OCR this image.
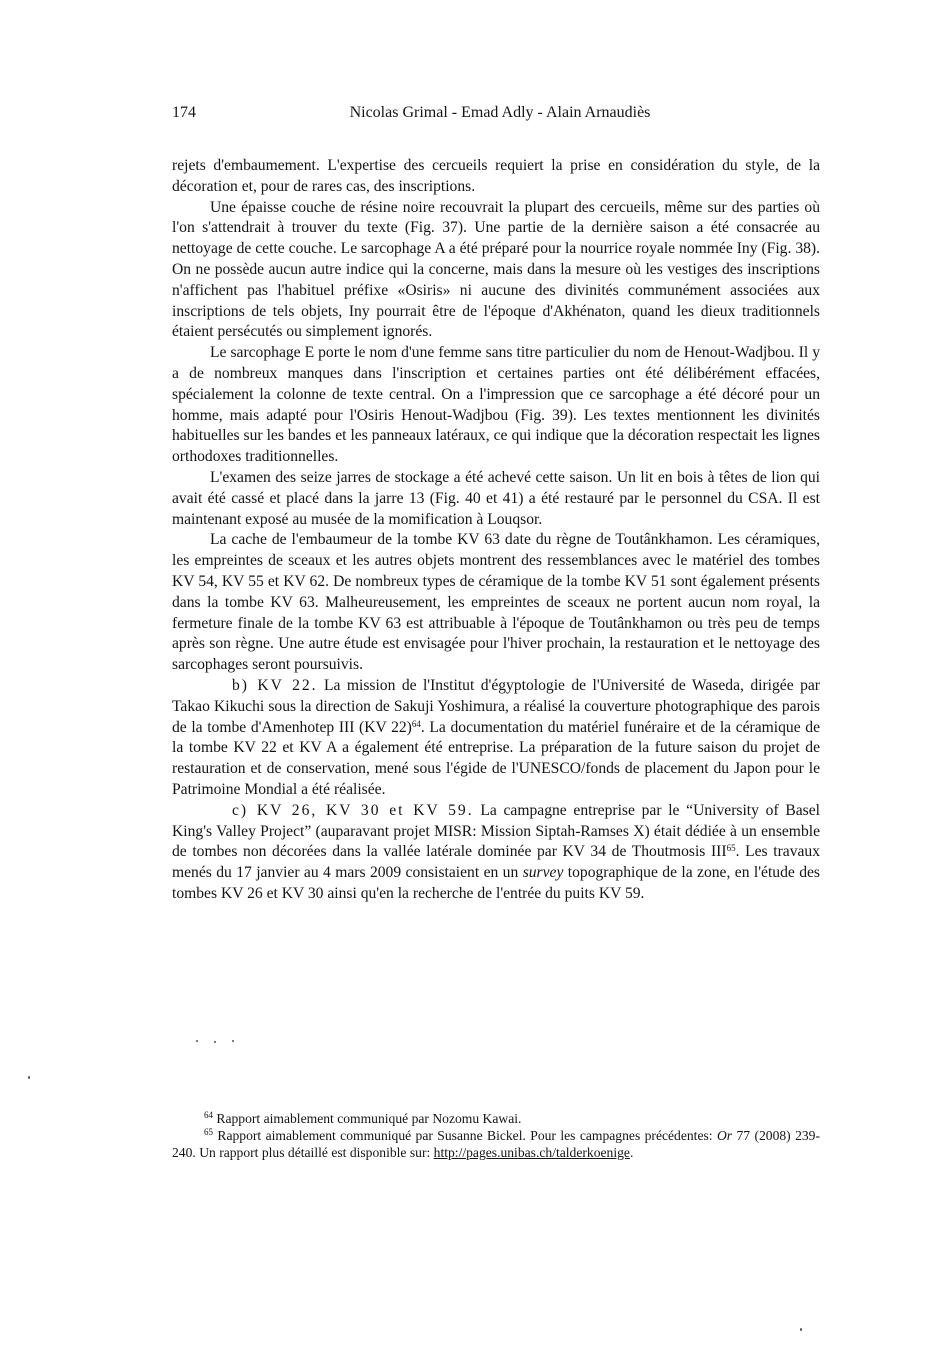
174	Nicolas Grimal - Emad Adly - Alain Arnaudiès

rejets d'embaumement. L'expertise des cercueils requiert la prise en considération du style, de la décoration et, pour de rares cas, des inscriptions.

Une épaisse couche de résine noire recouvrait la plupart des cercueils, même sur des parties où l'on s'attendrait à trouver du texte (Fig. 37). Une partie de la dernière saison a été consacrée au nettoyage de cette couche. Le sarcophage A a été préparé pour la nourrice royale nommée Iny (Fig. 38). On ne possède aucun autre indice qui la concerne, mais dans la mesure où les vestiges des inscriptions n'affichent pas l'habituel préfixe «Osiris» ni aucune des divinités communément associées aux inscriptions de tels objets, Iny pourrait être de l'époque d'Akhénaton, quand les dieux traditionnels étaient persécutés ou simplement ignorés.

Le sarcophage E porte le nom d'une femme sans titre particulier du nom de Henout-Wadjbou. Il y a de nombreux manques dans l'inscription et certaines parties ont été délibérément effacées, spécialement la colonne de texte central. On a l'impression que ce sarcophage a été décoré pour un homme, mais adapté pour l'Osiris Henout-Wadjbou (Fig. 39). Les textes mentionnent les divinités habituelles sur les bandes et les panneaux latéraux, ce qui indique que la décoration respectait les lignes orthodoxes traditionnelles.

L'examen des seize jarres de stockage a été achevé cette saison. Un lit en bois à têtes de lion qui avait été cassé et placé dans la jarre 13 (Fig. 40 et 41) a été restauré par le personnel du CSA. Il est maintenant exposé au musée de la momification à Louqsor.

La cache de l'embaumeur de la tombe KV 63 date du règne de Toutânkhamon. Les céramiques, les empreintes de sceaux et les autres objets montrent des ressemblances avec le matériel des tombes KV 54, KV 55 et KV 62. De nombreux types de céramique de la tombe KV 51 sont également présents dans la tombe KV 63. Malheureusement, les empreintes de sceaux ne portent aucun nom royal, la fermeture finale de la tombe KV 63 est attribuable à l'époque de Toutânkhamon ou très peu de temps après son règne. Une autre étude est envisagée pour l'hiver prochain, la restauration et le nettoyage des sarcophages seront poursuivis.

b) KV 22. La mission de l'Institut d'égyptologie de l'Université de Waseda, dirigée par Takao Kikuchi sous la direction de Sakuji Yoshimura, a réalisé la couverture photographique des parois de la tombe d'Amenhotep III (KV 22)$^{64}$. La documentation du matériel funéraire et de la céramique de la tombe KV 22 et KV A a également été entreprise. La préparation de la future saison du projet de restauration et de conservation, mené sous l'égide de l'UNESCO/fonds de placement du Japon pour le Patrimoine Mondial a été réalisée.

c) KV 26, KV 30 et KV 59. La campagne entreprise par le “University of Basel King's Valley Project” (auparavant projet MISR: Mission Siptah-Ramses X) était dédiée à un ensemble de tombes non décorées dans la vallée latérale dominée par KV 34 de Thoutmosis III$^{65}$. Les travaux menés du 17 janvier au 4 mars 2009 consistaient en un survey topographique de la zone, en l'étude des tombes KV 26 et KV 30 ainsi qu'en la recherche de l'entrée du puits KV 59.

$^{64}$ Rapport aimablement communiqué par Nozomu Kawai.

$^{65}$ Rapport aimablement communiqué par Susanne Bickel. Pour les campagnes précédentes: Or 77 (2008) 239-240. Un rapport plus détaillé est disponible sur: http://pages.unibas.ch/talderkoenige.
